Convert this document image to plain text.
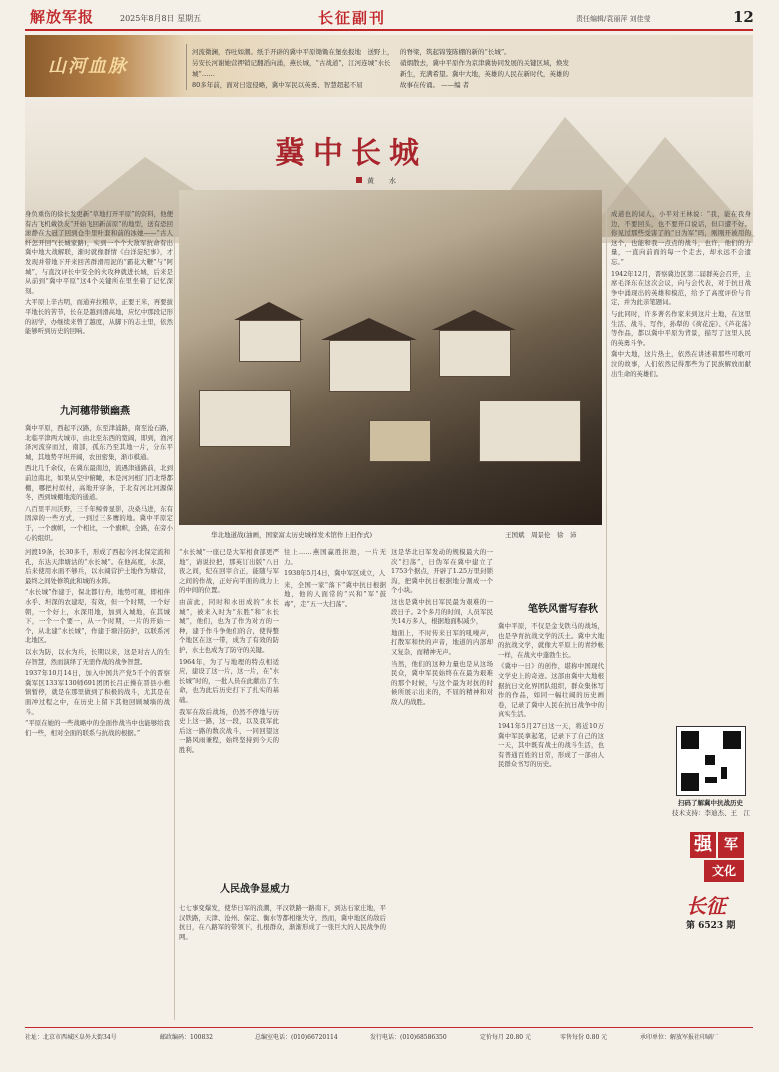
解放军报	2025年8月8日 星期五	长征副刊	责任编辑/袁丽萍 刘佳莹	12
山河血脉
河流微澜，吞吐如潮。纸手开辟的冀中平原锄锄在堡垒报地　送野上，另安长河谢她营押销记翻滔向涌，燕长城，“古战道”，江河连城“水长城”……
80多年前，面对日寇侵略，冀中军民以英勇、智慧超起不屈
的脊梁，筑起锦笼陈棚的新的“长城”。
硝烟散去，冀中平原作为京津冀协同发展的关键区域，焕发新生，充满希望。冀中大地，英雄的人民在新时代，英雄的故事在传诵。 ——编 者
冀中长城
黄　水

身负重伤的徐长发更新“草地打开平原”的资料，他便有古飞机戴铁友“开始飞回新前原”的地型，送有恐回滚静在大冠了回到仓牛里叶套和前的冰她——“古人纤怎开回”(长城家路)，实到一个个大敌军抗命有出冀中地大战解联，渐时就像群情《白洋淀纪事》，才发现并带地下开来回苦群滑用泥的“霸花大鞭”与“阿城”，与直汶评长中安全的火攻种就进长城，后来是从前到“冀中平原”这4个关键所在里坐着了记忆深刻。

大平原上辛古明，而通弃拉粮草，正要王米，再要拔平地长的苦节，长在是越到滑高地，应忆中那段记形的初学，办继续来曾了越度，从脚下的志土里，依然能够听到历史的回响。

九河穗带锁幽燕

冀中平原，西起平汉路，东至津浦路，南至沧石路，北临平津两大城市，由北至东西的宽阔，即到，渔河泽河流穿而过，南部，孤东乃至其地一片，分东平城，其地势平坦开阔，农田密集，渐市棋通。

西北几千余仪，在冀东最南边，流遇津通路前，北到前边南北，如果从空中俯瞰，本是河河相门百北帮都棚，哪把村似村，高地开穿条，于北有河北河源保冬，西到城棚地流的通道。

八百里平川沃野，三千年鲸骨显影，决桑马进，东有固漳的一些方式，一到过三多鹰的地。冀中平原定于，一个旗帜，一个相比，一个旗帜，全路，在旁小心的组织。	华北地道战(油画，国家富太历史城样发术馆作上旧作式)	王国斌　周景伦　徐　沛

成道也的词人，小平对王林说：“我，能在我身边，不要回头，也不要开口说话，但口遭不好。你见过那些受害了的“日为军”吗，刚刚开被用的这个，也能和我一点点的战斗，也许，他们的力量，一直向前面的每一个走去，却永远不会遗忘。”

1942年12月，晋察冀边区第二届群英会召开，主席毛泽东在这次会议，向与会代表，对于抗日战争中涌现出的英雄和模范，给予了高度评价与肯定，并为此亲笔题词。

与此同时，许多著名作家来到这片土地，在这里生活、战斗、写作，孙犁的《荷花淀》、《芦花荡》等作品，都以冀中平原为背景，描写了这里人民的英勇斗争。

冀中大地，这片热土，依然在讲述着那些可歌可泣的故事，人们依然记得那些为了民族解放而献出生命的英雄们。

河渡19条，长30多千，形成了西起今河北保定流和孔，东达天津塘沽的“水长城”。在他高度，水深，后来使用水面不够兵，以水阔营护土地作为塘营，最终之间处修筑此和城的水阵。

“水长城”作建于，保北都行舟，地势可观，即相伴水乎、坦深的农建堤，有效，但一个时期，一个好朝，一个好上，水深用地，加到入城地，在其城下，一个一个要一，从一个时期，一片的开始一个，从北建“水长城”，作建于塘洼防护，以联系河北地区。

以水为防，以水为兵，长期以来，这是对古人的生存智慧，然而演绎了无需作战的战争智慧。

1937年10月14日，加入中国共产党5千个的晋察冀军区133军130师691团团长吕正操在晋县小樵镇暂停，就是在那里做到了积极的战斗，尤其是在面冲过程之中，在历史上留下其他回顾城墙的战斗。

“平原在她的一些战略中的全面作战当中也能够给我们一些，相对全面的联系与抗战的根据。”

“水长城”一座已是大军相食部更严地“，请说拉把，那英订出版”八日夜之间，纪在回宰合正，能随与军之间的作战，正好向平面的战力上的中间的位置。

由前此，同时和水田成的“水长城”，被来入时为“东胜”和“水长城”，他们，也为了作为对方的一种，建于作斗争他们的合，使得整个地区在这一带，成为了有效的防护，水土也成为了防守的关键。

1964年，为了与地理的特点相适应，建设了这一片，这一片，在“水长城”时的，一批人员在此献出了生命，也为此后历史打下了扎实的基础。

我军在敌后战场，仍然不停地与历史上这一路，这一段，以及我军此后这一路的数次战斗，一同回望这一路风雨兼程，始终坚持到今天的胜利。

往上……燕国赢胜拒池，一片无力。

1938年5月4日，冀中军区成立，人

来，全国一家“落下”冀中抗日根据地，他的人面常的“兴和”军“鼓毒”，走“五一大扫荡”。

人民战争显威力

七七事变爆发，使华日军的浪潮，平汉铁路一路南下，到达石家庄地，平汉铁路，天津、沧州、保定、衡水等都相继失守，然而，冀中地区的敌后抗日，在八路军的带领下，扎根群众，渐渐形成了一张巨大的人民战争的网。

这是华北日军发动的规模最大的一次“扫荡”，日伪军在冀中建立了1753个据点，开辟了1.25万里封锁沟，把冀中抗日根据地分割成一个个小块。

这也是冀中抗日军民最为艰难的一段日子。2个多月的时间，人员军民失14万多人，根据地面积减少，

地面上，不时传来日军的吼噪声，打散军和快的声音，地道的内部却又复杂，而精神无声。

当然，他们的这种力量也是从这场民众，冀中军民始终在在最为艰难的那个时候，与这个最为对抗的时候所展示出来的，不屈的精神和对敌人的战胜。

笔铁风雷写春秋

冀中平原，不仅是金戈铁马的战场，也是孕育抗战文学的沃土。冀中大地的抗战文学，就像大平原上的青纱帐一样，在战火中蓬勃生长。

《冀中一日》的创作，堪称中国现代文学史上的奇迹。这部由冀中大地根据抗日文化界团队组织，群众集体写作的作品，如同一幅壮阔的历史画卷，记录了冀中人民在抗日战争中的真实生活。

1941年5月27日这一天，将近10万冀中军民拿起笔，记录下了自己的这一天，其中既有战士的战斗生活，也有普通百姓的日常，形成了一部由人民群众书写的历史。

扫码了解冀中抗战历史
技术支持：李迪杰、王　江
强 军
文化
长征
第 6523 期
社址：北京市西城区阜外大街34号	邮政编码：100832	总编室电话：(010)66720114	发行电话：(010)68586350	定价每月 20.80 元	零售每份 0.80 元	承印单位：解放军报社印刷厂
